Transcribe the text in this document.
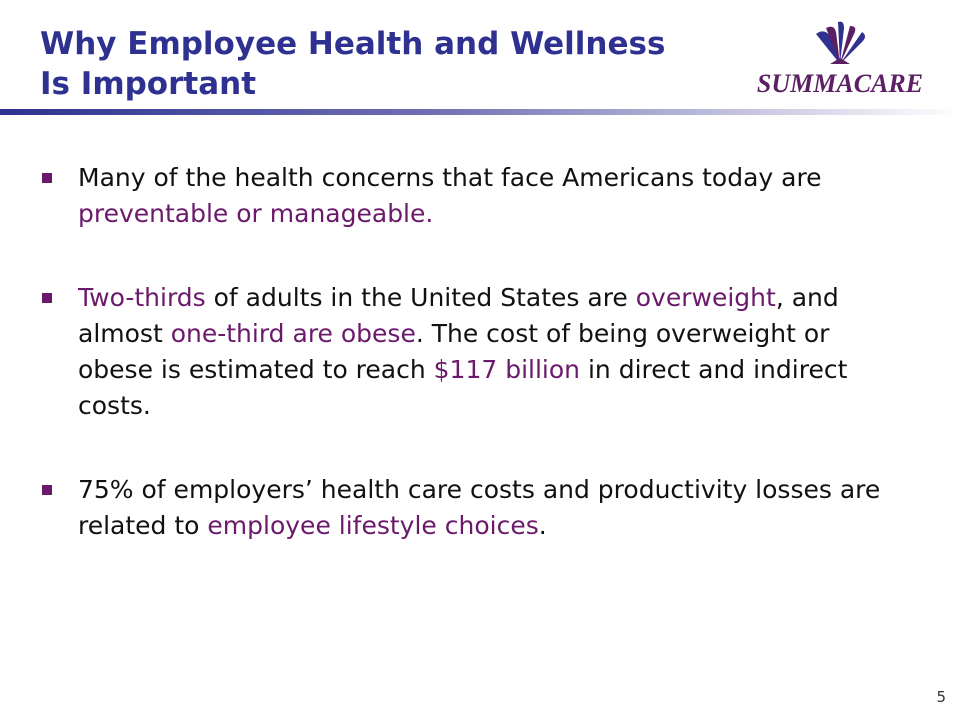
Why Employee Health and Wellness
Is Important	SUMMACARE
Many of the health concerns that face Americans today are preventable or manageable.
Two-thirds of adults in the United States are overweight, and almost one-third are obese. The cost of being overweight or obese is estimated to reach $117 billion in direct and indirect costs.
75% of employers’ health care costs and productivity losses are related to employee lifestyle choices.
5
